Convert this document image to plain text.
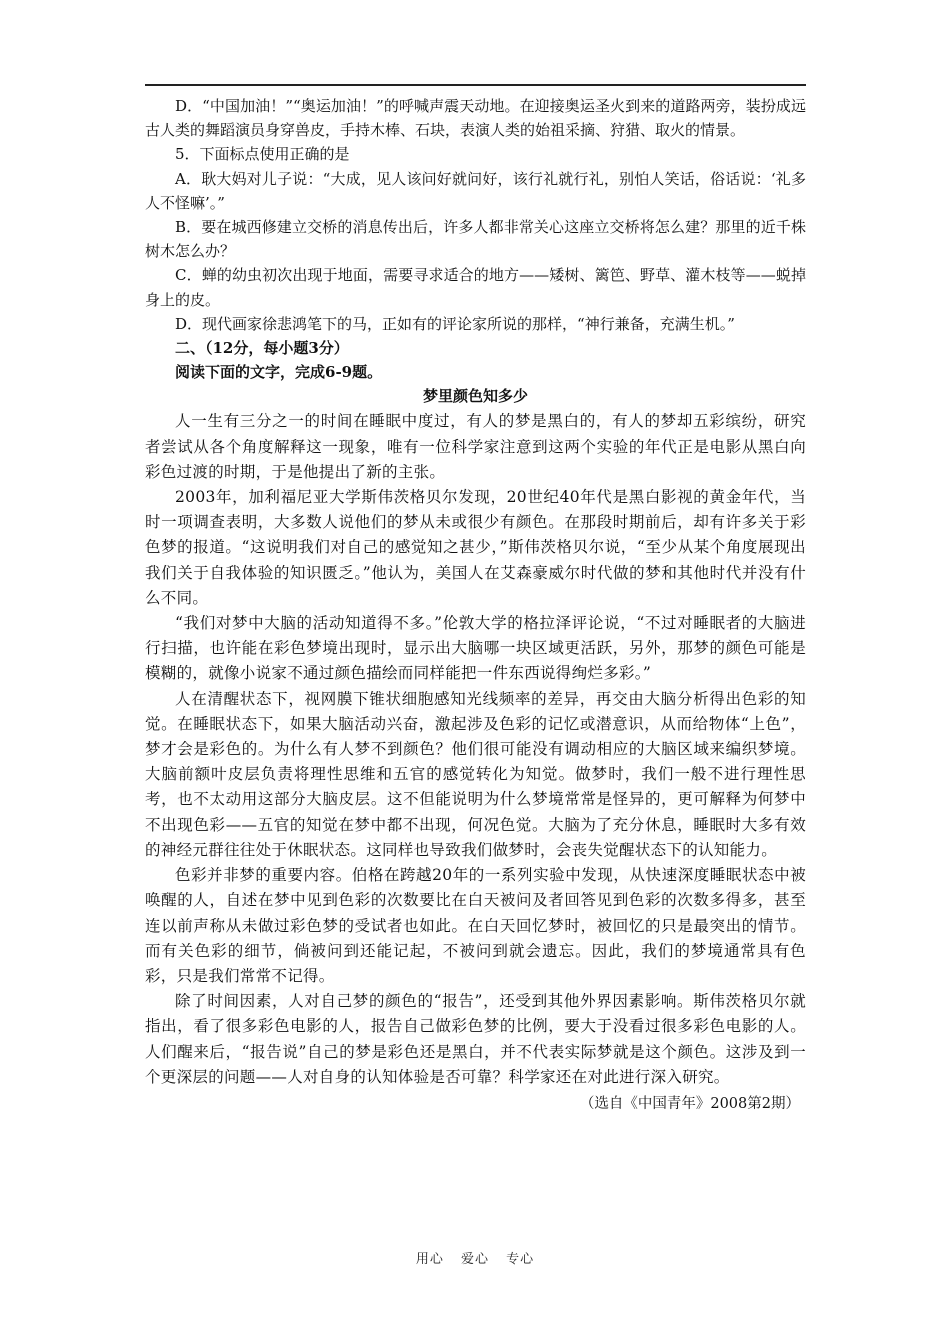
D．“中国加油！”“奥运加油！”的呼喊声震天动地。在迎接奥运圣火到来的道路两旁，装扮成远古人类的舞蹈演员身穿兽皮，手持木棒、石块，表演人类的始祖采摘、狩猎、取火的情景。

5．下面标点使用正确的是

A．耿大妈对儿子说：“大成，见人该问好就问好，该行礼就行礼，别怕人笑话，俗话说：‘礼多人不怪嘛’。”

B．要在城西修建立交桥的消息传出后，许多人都非常关心这座立交桥将怎么建？那里的近千株树木怎么办？

C．蝉的幼虫初次出现于地面，需要寻求适合的地方——矮树、篱笆、野草、灌木枝等——蜕掉身上的皮。

D．现代画家徐悲鸿笔下的马，正如有的评论家所说的那样，“神行兼备，充满生机。”

二、（12分，每小题3分）

阅读下面的文字，完成6-9题。

梦里颜色知多少

人一生有三分之一的时间在睡眠中度过，有人的梦是黑白的，有人的梦却五彩缤纷，研究者尝试从各个角度解释这一现象，唯有一位科学家注意到这两个实验的年代正是电影从黑白向彩色过渡的时期，于是他提出了新的主张。

2003年，加利福尼亚大学斯伟茨格贝尔发现，20世纪40年代是黑白影视的黄金年代，当时一项调查表明，大多数人说他们的梦从未或很少有颜色。在那段时期前后，却有许多关于彩色梦的报道。“这说明我们对自己的感觉知之甚少，”斯伟茨格贝尔说，“至少从某个角度展现出我们关于自我体验的知识匮乏。”他认为，美国人在艾森豪威尔时代做的梦和其他时代并没有什么不同。

“我们对梦中大脑的活动知道得不多。”伦敦大学的格拉泽评论说，“不过对睡眠者的大脑进行扫描，也许能在彩色梦境出现时，显示出大脑哪一块区域更活跃，另外，那梦的颜色可能是模糊的，就像小说家不通过颜色描绘而同样能把一件东西说得绚烂多彩。”

人在清醒状态下，视网膜下锥状细胞感知光线频率的差异，再交由大脑分析得出色彩的知觉。在睡眠状态下，如果大脑活动兴奋，激起涉及色彩的记忆或潜意识，从而给物体“上色”，梦才会是彩色的。为什么有人梦不到颜色？他们很可能没有调动相应的大脑区域来编织梦境。大脑前额叶皮层负责将理性思维和五官的感觉转化为知觉。做梦时，我们一般不进行理性思考，也不太动用这部分大脑皮层。这不但能说明为什么梦境常常是怪异的，更可解释为何梦中不出现色彩——五官的知觉在梦中都不出现，何况色觉。大脑为了充分休息，睡眠时大多有效的神经元群往往处于休眠状态。这同样也导致我们做梦时，会丧失觉醒状态下的认知能力。

色彩并非梦的重要内容。伯格在跨越20年的一系列实验中发现，从快速深度睡眠状态中被唤醒的人，自述在梦中见到色彩的次数要比在白天被问及者回答见到色彩的次数多得多，甚至连以前声称从未做过彩色梦的受试者也如此。在白天回忆梦时，被回忆的只是最突出的情节。而有关色彩的细节，倘被问到还能记起，不被问到就会遗忘。因此，我们的梦境通常具有色彩，只是我们常常不记得。

除了时间因素，人对自己梦的颜色的“报告”，还受到其他外界因素影响。斯伟茨格贝尔就指出，看了很多彩色电影的人，报告自己做彩色梦的比例，要大于没看过很多彩色电影的人。人们醒来后，“报告说”自己的梦是彩色还是黑白，并不代表实际梦就是这个颜色。这涉及到一个更深层的问题——人对自身的认知体验是否可靠？科学家还在对此进行深入研究。

（选自《中国青年》2008第2期）

用心 爱心 专心
